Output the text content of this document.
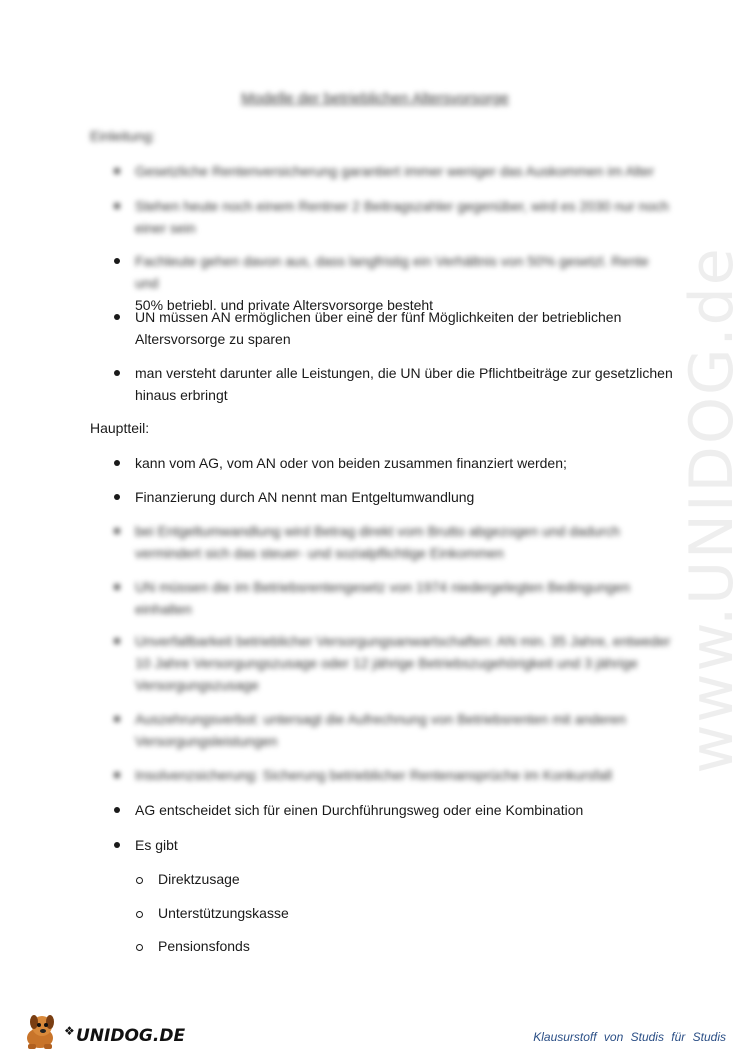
www.UNIDOG.de
Modelle der betrieblichen Altersvorsorge
Einleitung:
Gesetzliche Rentenversicherung garantiert immer weniger das Auskommen im Alter
Stehen heute noch einem Rentner 2 Beitragszahler gegenüber, wird es 2030 nur noch einer sein
Fachleute gehen davon aus, dass langfristig ein Verhältnis von 50% gesetzl. Rente und
50% betriebl. und private Altersvorsorge besteht
UN müssen AN ermöglichen über eine der fünf Möglichkeiten der betrieblichen Altersvorsorge zu sparen
man versteht darunter alle Leistungen, die UN über die Pflichtbeiträge zur gesetzlichen hinaus erbringt
Hauptteil:
kann vom AG, vom AN oder von beiden zusammen finanziert werden;
Finanzierung durch AN nennt man Entgeltumwandlung
bei Entgeltumwandlung wird Betrag direkt vom Brutto abgezogen und dadurch vermindert sich das steuer- und sozialpflichtige Einkommen
UN müssen die im Betriebsrentengesetz von 1974 niedergelegten Bedingungen einhalten
Unverfallbarkeit betrieblicher Versorgungsanwartschaften: AN min. 35 Jahre, entweder 10 Jahre Versorgungszusage oder 12 jährige Betriebszugehörigkeit und 3 jährige Versorgungszusage
Auszehrungsverbot: untersagt die Aufrechnung von Betriebsrenten mit anderen Versorgungsleistungen
Insolvenzsicherung: Sicherung betrieblicher Rentenansprüche im Konkursfall
AG entscheidet sich für einen Durchführungsweg oder eine Kombination
Es gibt
Direktzusage
Unterstützungskasse
Pensionsfonds
❖ UNIDOG.DE	Klausurstoff von Studis für Studis
